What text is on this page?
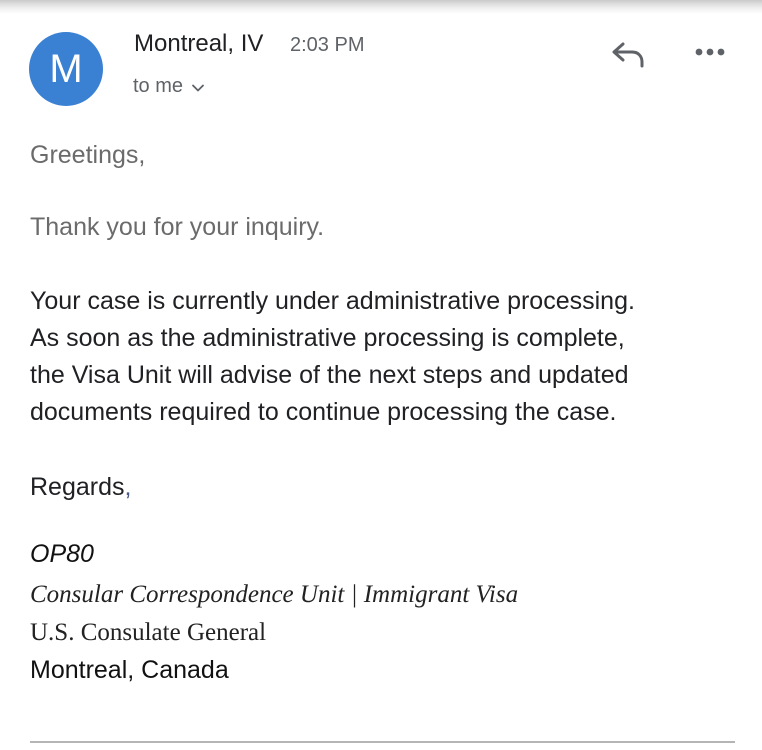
M
Montreal, IV 2:03 PM
to me
Greetings,
Thank you for your inquiry.
Your case is currently under administrative processing.
As soon as the administrative processing is complete,
the Visa Unit will advise of the next steps and updated
documents required to continue processing the case.
Regards,
OP80
Consular Correspondence Unit | Immigrant Visa
U.S. Consulate General
Montreal, Canada
